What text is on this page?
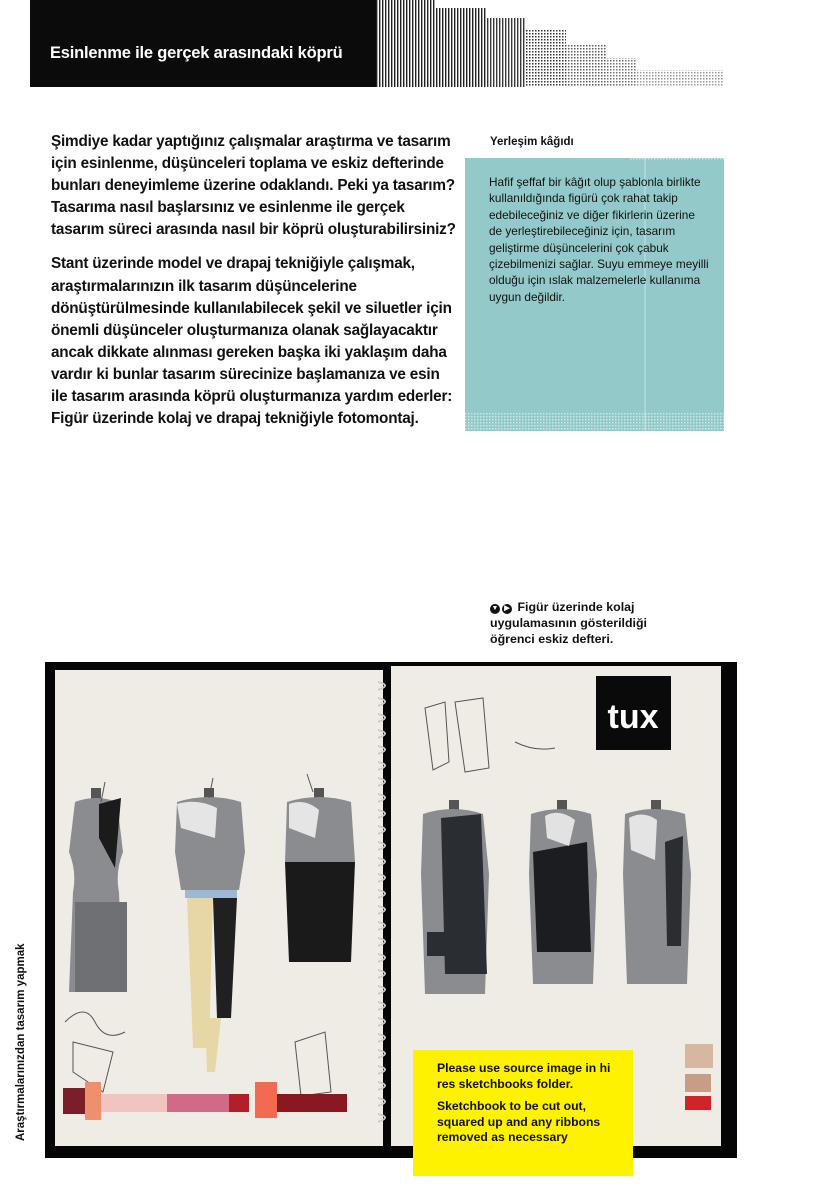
Esinlenme ile gerçek arasındaki köprü

Şimdiye kadar yaptığınız çalışmalar araştırma ve tasarım için esinlenme, düşünceleri toplama ve eskiz defterinde bunları deneyimleme üzerine odaklandı. Peki ya tasarım? Tasarıma nasıl başlarsınız ve esinlenme ile gerçek tasarım süreci arasında nasıl bir köprü oluşturabilirsiniz?

Stant üzerinde model ve drapaj tekniğiyle çalışmak, araştırmalarınızın ilk tasarım düşüncelerine dönüştürülmesinde kullanılabilecek şekil ve siluetler için önemli düşünceler oluşturmanıza olanak sağlayacaktır ancak dikkate alınması gereken başka iki yaklaşım daha vardır ki bunlar tasarım sürecinize başlamanıza ve esin ile tasarım arasında köprü oluşturmanıza yardım ederler: Figür üzerinde kolaj ve drapaj tekniğiyle fotomontaj.

Yerleşim kâğıdı
Hafif şeffaf bir kâğıt olup şablonla birlikte kullanıldığında figürü çok rahat takip edebileceğiniz ve diğer fikirlerin üzerine de yerleştirebileceğiniz için, tasarım geliştirme düşüncelerini çok çabuk çizebilmenizi sağlar. Suyu emmeye meyilli olduğu için ıslak malzemelerle kullanıma uygun değildir.
▼ ▶ Figür üzerinde kolaj uygulamasının gösterildiği öğrenci eskiz defteri.
Araştırmalarınızdan tasarım yapmak
tux

Please use source image in hi res sketchbooks folder.

Sketchbook to be cut out, squared up and any ribbons removed as necessary
